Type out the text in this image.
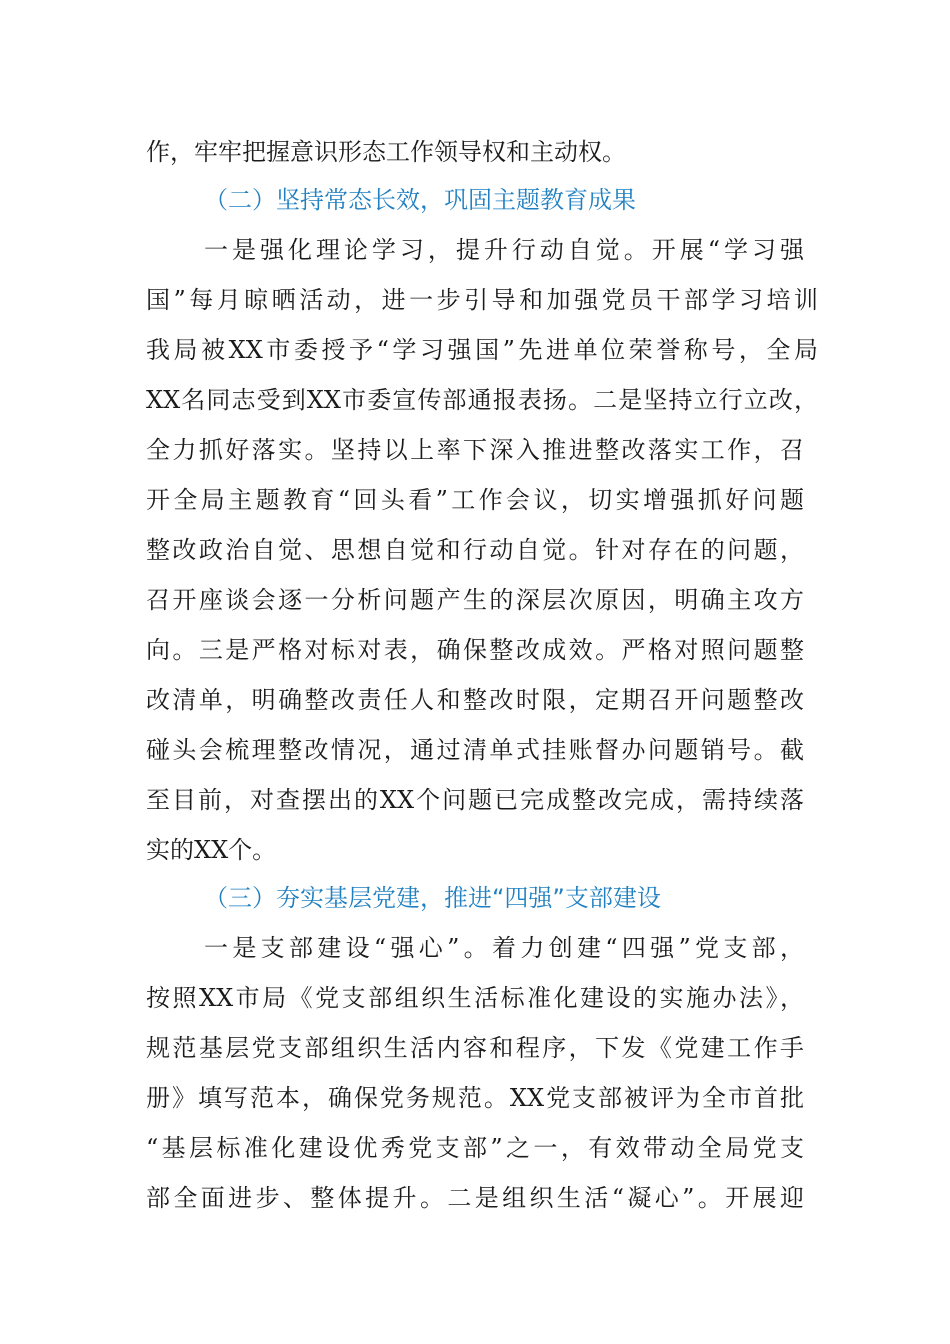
作，牢牢把握意识形态工作领导权和主动权。
（二）坚持常态长效，巩固主题教育成果
一是强化理论学习，提升行动自觉。开展“学习强
国”每月晾晒活动，进一步引导和加强党员干部学习培训
我局被XX市委授予“学习强国”先进单位荣誉称号，全局
XX名同志受到XX市委宣传部通报表扬。二是坚持立行立改，
全力抓好落实。坚持以上率下深入推进整改落实工作，召
开全局主题教育“回头看”工作会议，切实增强抓好问题
整改政治自觉、思想自觉和行动自觉。针对存在的问题，
召开座谈会逐一分析问题产生的深层次原因，明确主攻方
向。三是严格对标对表，确保整改成效。严格对照问题整
改清单，明确整改责任人和整改时限，定期召开问题整改
碰头会梳理整改情况，通过清单式挂账督办问题销号。截
至目前，对查摆出的XX个问题已完成整改完成，需持续落
实的XX个。
（三）夯实基层党建，推进“四强”支部建设
一是支部建设“强心”。着力创建“四强”党支部，
按照XX市局《党支部组织生活标准化建设的实施办法》，
规范基层党支部组织生活内容和程序，下发《党建工作手
册》填写范本，确保党务规范。XX党支部被评为全市首批
“基层标准化建设优秀党支部”之一，有效带动全局党支
部全面进步、整体提升。二是组织生活“凝心”。开展迎
